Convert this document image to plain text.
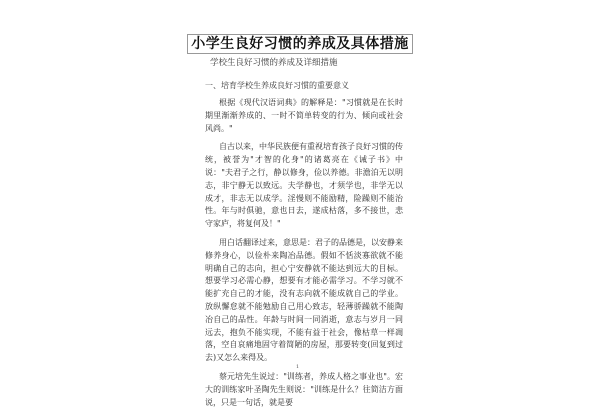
小学生良好习惯的养成及具体措施
学校生良好习惯的养成及详细措施
一、培育学校生养成良好习惯的重要意义

根据《现代汉语词典》的解释是："习惯就是在长时期里渐渐养成的、一时不简单转变的行为、倾向或社会风尚。"

自古以来，中华民族便有重视培育孩子良好习惯的传统，被誉为"才智的化身"的诸葛亮在《诫子书》中说："夫君子之行，静以修身，俭以养德。非澹泊无以明志，非宁静无以致远。夫学静也，才须学也，非学无以成才，非志无以成学。淫慢则不能励精，险躁则不能治性。年与时俱驰，意也日去，遂成枯落，多不接世，悲守家庐，将复何及！"

用白话翻译过来，意思是：君子的品德是，以安静来修养身心，以俭朴来陶冶品德。假如不恬淡寡欲就不能明确自己的志向，担心宁安静就不能达到远大的目标。想要学习必需心静，想要有才能必需学习。不学习就不能扩充自己的才能，没有志向就不能成就自己的学业。放纵懈怠就不能勉励自己用心致志，轻薄骄躁就不能陶冶自己的品性。年龄与时间一同消逝，意志与岁月一同远去，抱负不能实现，不能有益于社会，像枯草一样凋落，空自哀痛地固守着简陋的房屋，那要转变(回复到过去)又怎么来得及。

蔡元培先生说过："训练者，养成人格之事业也"。宏大的训练家叶圣陶先生则说："训练是什么？往简洁方面说，只是一句话，就是要

1
